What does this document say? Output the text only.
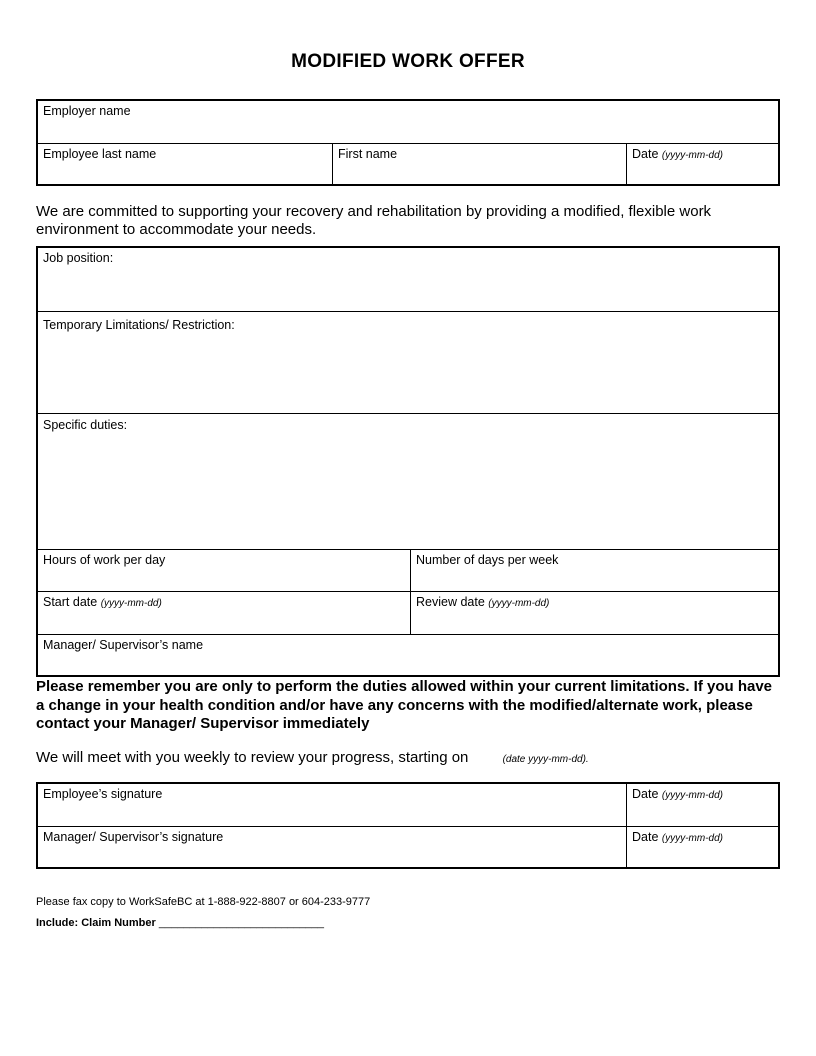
MODIFIED WORK OFFER
Employer name
Employee last name	First name	Date (yyyy-mm-dd)
We are committed to supporting your recovery and rehabilitation by providing a modified, flexible work environment to accommodate your needs.
Job position:
Temporary Limitations/ Restriction:
Specific duties:
Hours of work per day	Number of days per week
Start date (yyyy-mm-dd)	Review date (yyyy-mm-dd)
Manager/ Supervisor’s name
Please remember you are only to perform the duties allowed within your current limitations. If you have a change in your health condition and/or have any concerns with the modified/alternate work, please contact your Manager/ Supervisor immediately
We will meet with you weekly to review your progress, starting on	(date yyyy-mm-dd).
Employee’s signature	Date (yyyy-mm-dd)
Manager/ Supervisor’s signature	Date (yyyy-mm-dd)
Please fax copy to WorkSafeBC at 1-888-922-8807 or 604-233-9777
Include: Claim Number ___________________________
